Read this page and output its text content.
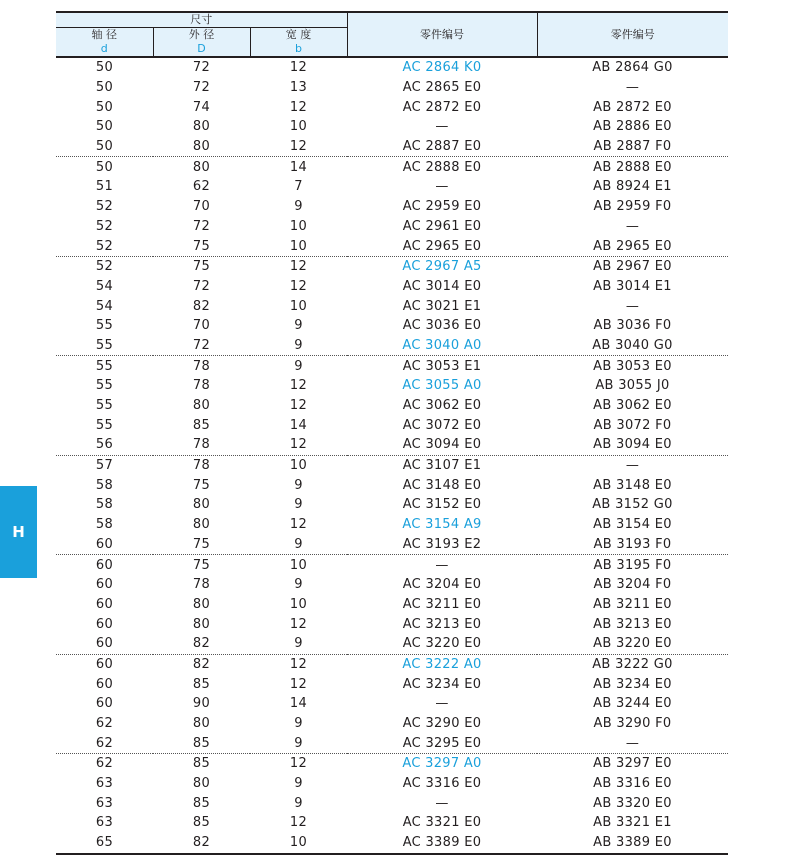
尺寸			零件编号	零件编号
轴 径	外 径	宽 度		
d	D	b		
50	72	12	AC 2864 K0	AB 2864 G0
50	72	13	AC 2865 E0	—
50	74	12	AC 2872 E0	AB 2872 E0
50	80	10	—	AB 2886 E0
50	80	12	AC 2887 E0	AB 2887 F0
50	80	14	AC 2888 E0	AB 2888 E0
51	62	7	—	AB 8924 E1
52	70	9	AC 2959 E0	AB 2959 F0
52	72	10	AC 2961 E0	—
52	75	10	AC 2965 E0	AB 2965 E0
52	75	12	AC 2967 A5	AB 2967 E0
54	72	12	AC 3014 E0	AB 3014 E1
54	82	10	AC 3021 E1	—
55	70	9	AC 3036 E0	AB 3036 F0
55	72	9	AC 3040 A0	AB 3040 G0
55	78	9	AC 3053 E1	AB 3053 E0
55	78	12	AC 3055 A0	AB 3055 J0
55	80	12	AC 3062 E0	AB 3062 E0
55	85	14	AC 3072 E0	AB 3072 F0
56	78	12	AC 3094 E0	AB 3094 E0
57	78	10	AC 3107 E1	—
58	75	9	AC 3148 E0	AB 3148 E0
58	80	9	AC 3152 E0	AB 3152 G0
58	80	12	AC 3154 A9	AB 3154 E0
60	75	9	AC 3193 E2	AB 3193 F0
60	75	10	—	AB 3195 F0
60	78	9	AC 3204 E0	AB 3204 F0
60	80	10	AC 3211 E0	AB 3211 E0
60	80	12	AC 3213 E0	AB 3213 E0
60	82	9	AC 3220 E0	AB 3220 E0
60	82	12	AC 3222 A0	AB 3222 G0
60	85	12	AC 3234 E0	AB 3234 E0
60	90	14	—	AB 3244 E0
62	80	9	AC 3290 E0	AB 3290 F0
62	85	9	AC 3295 E0	—
62	85	12	AC 3297 A0	AB 3297 E0
63	80	9	AC 3316 E0	AB 3316 E0
63	85	9	—	AB 3320 E0
63	85	12	AC 3321 E0	AB 3321 E1
65	82	10	AC 3389 E0	AB 3389 E0
H
